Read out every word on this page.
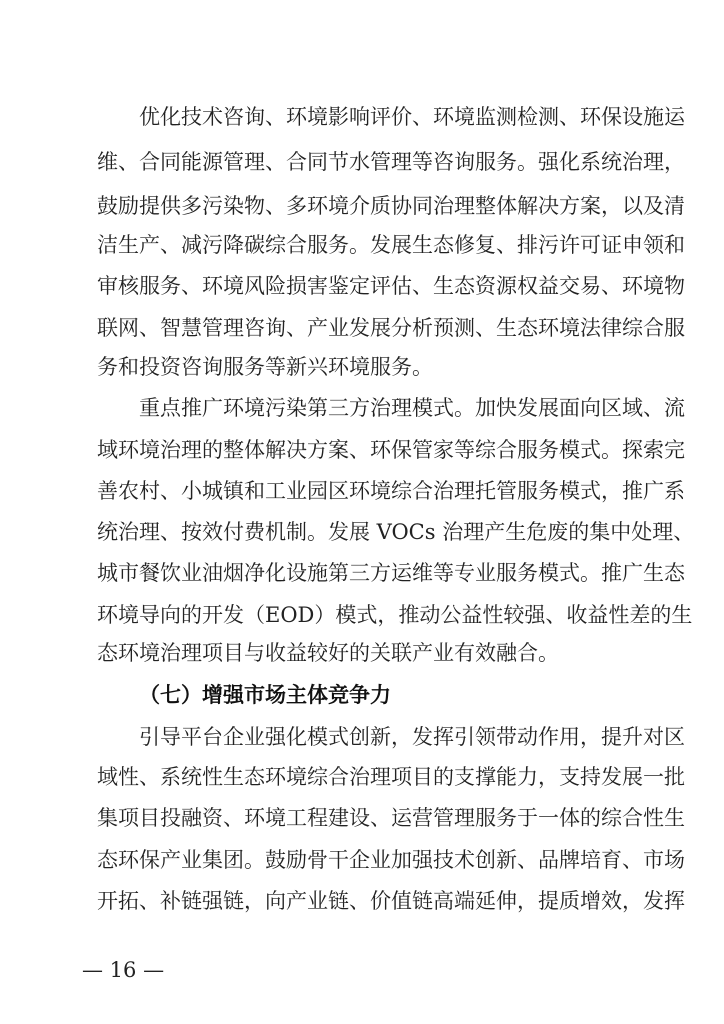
优化技术咨询、环境影响评价、环境监测检测、环保设施运
维、合同能源管理、合同节水管理等咨询服务。强化系统治理，
鼓励提供多污染物、多环境介质协同治理整体解决方案，以及清
洁生产、减污降碳综合服务。发展生态修复、排污许可证申领和
审核服务、环境风险损害鉴定评估、生态资源权益交易、环境物
联网、智慧管理咨询、产业发展分析预测、生态环境法律综合服
务和投资咨询服务等新兴环境服务。
重点推广环境污染第三方治理模式。加快发展面向区域、流
域环境治理的整体解决方案、环保管家等综合服务模式。探索完
善农村、小城镇和工业园区环境综合治理托管服务模式，推广系
统治理、按效付费机制。发展 VOCs 治理产生危废的集中处理、
城市餐饮业油烟净化设施第三方运维等专业服务模式。推广生态
环境导向的开发（EOD）模式，推动公益性较强、收益性差的生
态环境治理项目与收益较好的关联产业有效融合。
（七）增强市场主体竞争力
引导平台企业强化模式创新，发挥引领带动作用，提升对区
域性、系统性生态环境综合治理项目的支撑能力，支持发展一批
集项目投融资、环境工程建设、运营管理服务于一体的综合性生
态环保产业集团。鼓励骨干企业加强技术创新、品牌培育、市场
开拓、补链强链，向产业链、价值链高端延伸，提质增效，发挥
— 16 —
